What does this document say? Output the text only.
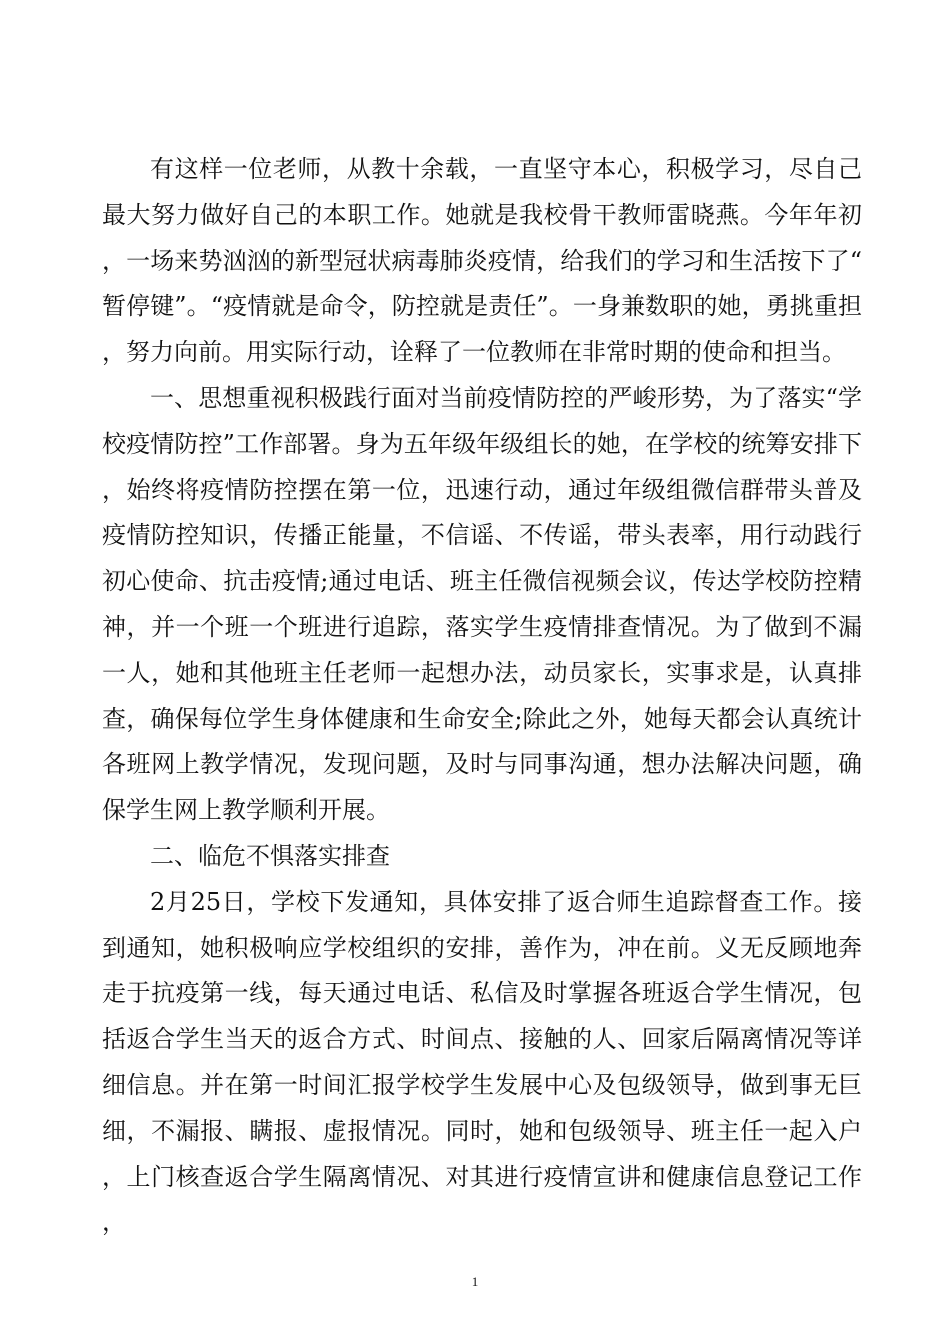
有这样一位老师，从教十余载，一直坚守本心，积极学习，尽自己最大努力做好自己的本职工作。她就是我校骨干教师雷晓燕。今年年初，一场来势汹汹的新型冠状病毒肺炎疫情，给我们的学习和生活按下了“暂停键”。“疫情就是命令，防控就是责任”。一身兼数职的她，勇挑重担，努力向前。用实际行动，诠释了一位教师在非常时期的使命和担当。

一、思想重视积极践行面对当前疫情防控的严峻形势，为了落实“学校疫情防控”工作部署。身为五年级年级组长的她，在学校的统筹安排下，始终将疫情防控摆在第一位，迅速行动，通过年级组微信群带头普及疫情防控知识，传播正能量，不信谣、不传谣，带头表率，用行动践行初心使命、抗击疫情;通过电话、班主任微信视频会议，传达学校防控精神，并一个班一个班进行追踪，落实学生疫情排查情况。为了做到不漏一人，她和其他班主任老师一起想办法，动员家长，实事求是，认真排查，确保每位学生身体健康和生命安全;除此之外，她每天都会认真统计各班网上教学情况，发现问题，及时与同事沟通，想办法解决问题，确保学生网上教学顺利开展。

二、临危不惧落实排查

2月25日，学校下发通知，具体安排了返合师生追踪督查工作。接到通知，她积极响应学校组织的安排，善作为，冲在前。义无反顾地奔走于抗疫第一线，每天通过电话、私信及时掌握各班返合学生情况，包括返合学生当天的返合方式、时间点、接触的人、回家后隔离情况等详细信息。并在第一时间汇报学校学生发展中心及包级领导，做到事无巨细，不漏报、瞒报、虚报情况。同时，她和包级领导、班主任一起入户，上门核查返合学生隔离情况、对其进行疫情宣讲和健康信息登记工作，

1
